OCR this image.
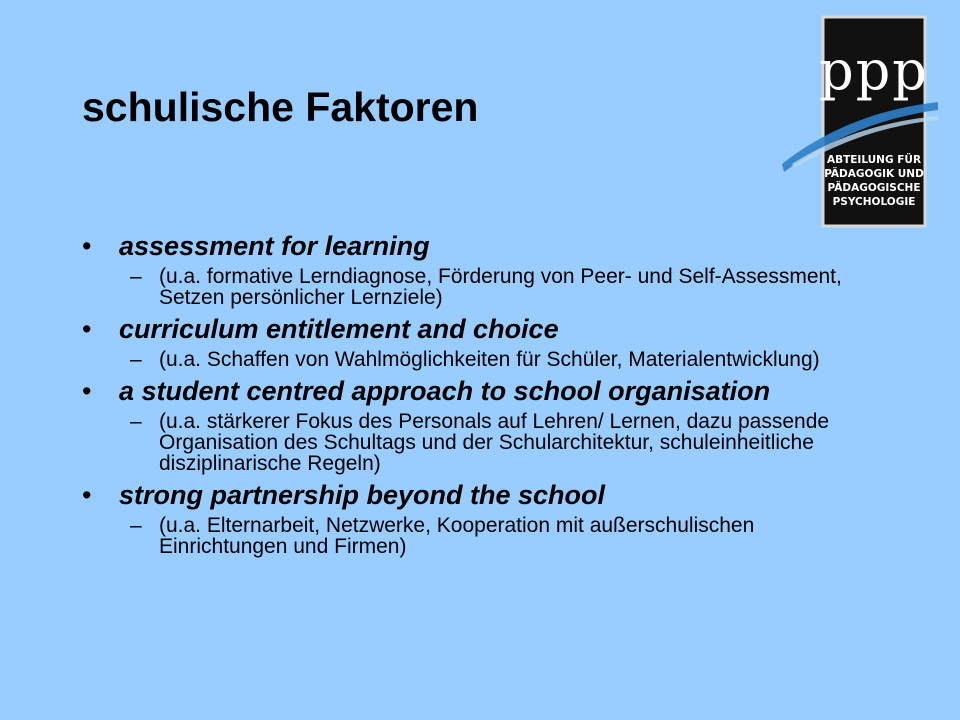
schulische Faktoren
ppp
ABTEILUNG FÜR
PÄDAGOGIK UND
PÄDAGOGISCHE
PSYCHOLOGIE
• assessment for learning
– (u.a. formative Lerndiagnose, Förderung von Peer- und Self-Assessment, Setzen persönlicher Lernziele)
• curriculum entitlement and choice
– (u.a. Schaffen von Wahlmöglichkeiten für Schüler, Materialentwicklung)
• a student centred approach to school organisation
– (u.a. stärkerer Fokus des Personals auf Lehren/ Lernen, dazu passende Organisation des Schultags und der Schularchitektur, schuleinheitliche disziplinarische Regeln)
• strong partnership beyond the school
– (u.a. Elternarbeit, Netzwerke, Kooperation mit außerschulischen Einrichtungen und Firmen)
